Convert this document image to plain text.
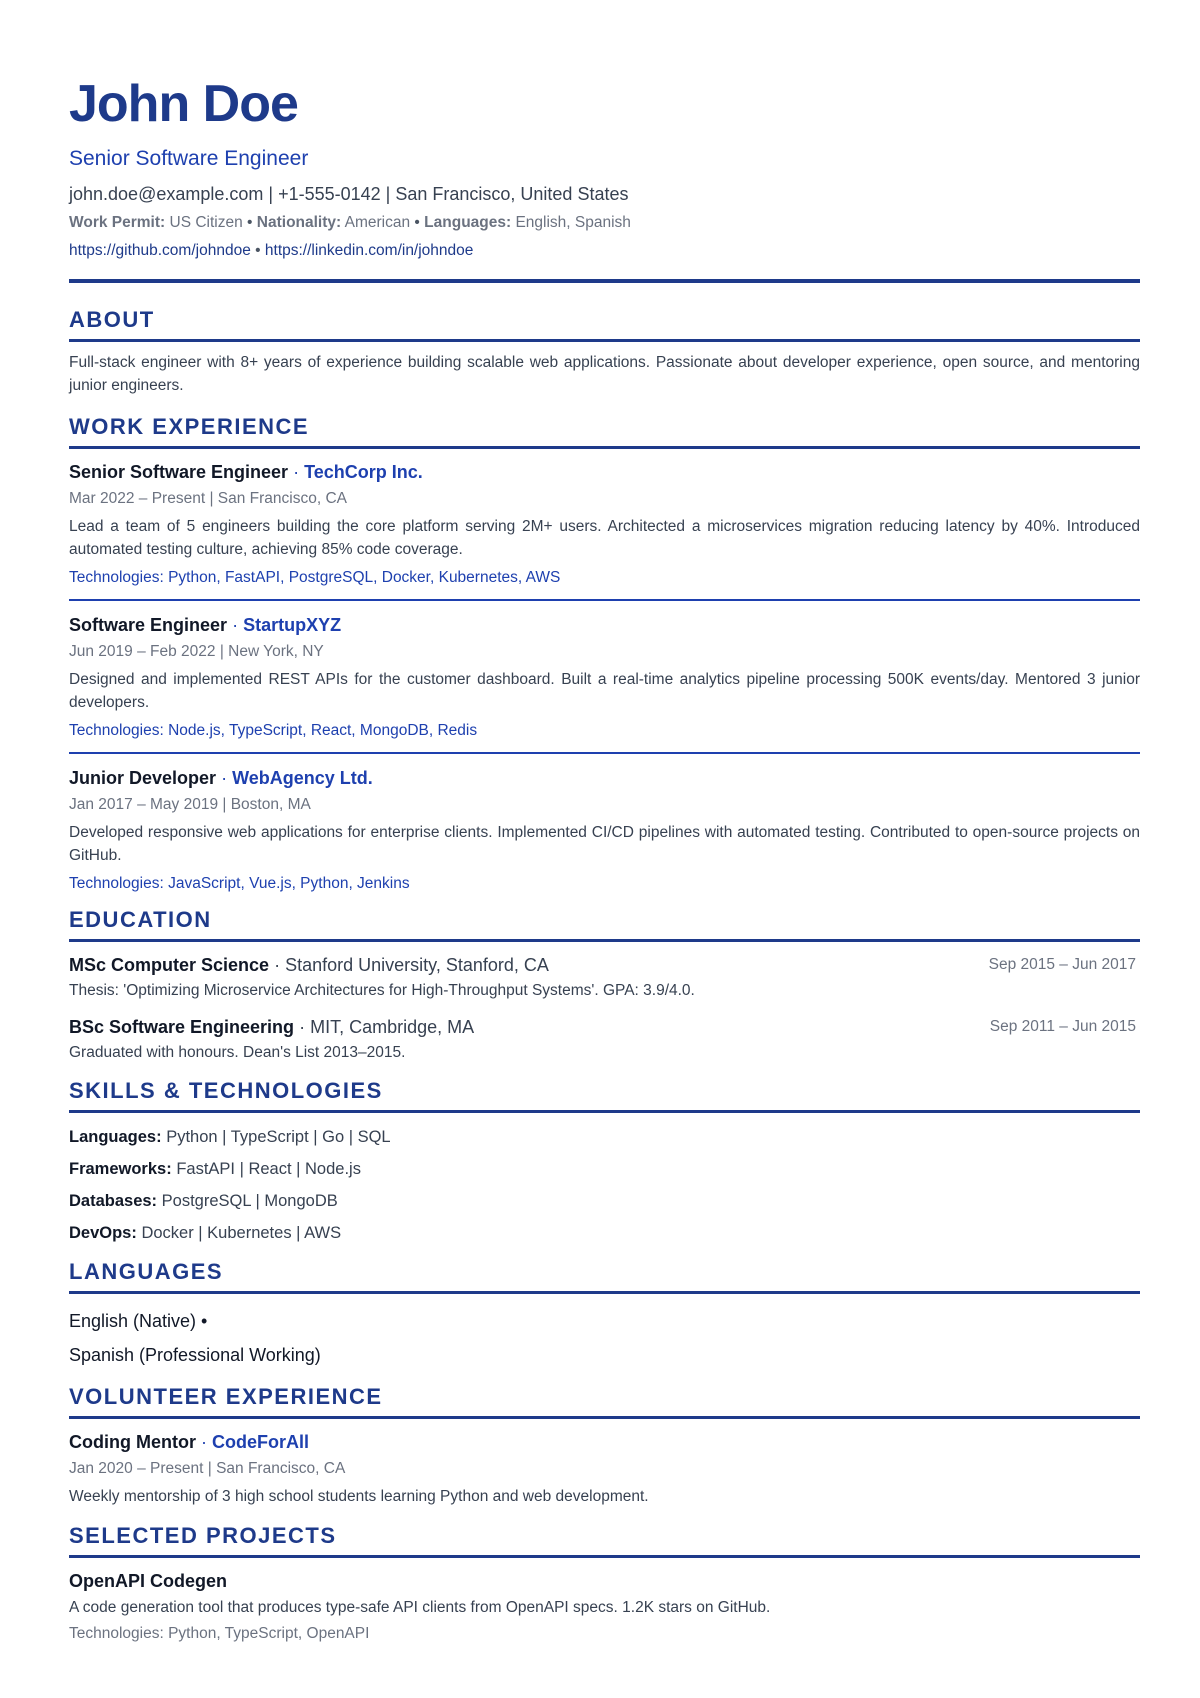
John Doe
Senior Software Engineer
john.doe@example.com | +1-555-0142 | San Francisco, United States
Work Permit: US Citizen • Nationality: American • Languages: English, Spanish
https://github.com/johndoe • https://linkedin.com/in/johndoe
ABOUT
Full-stack engineer with 8+ years of experience building scalable web applications. Passionate about developer experience, open source, and mentoring junior engineers.
WORK EXPERIENCE
Senior Software Engineer · TechCorp Inc.
Mar 2022 – Present | San Francisco, CA
Lead a team of 5 engineers building the core platform serving 2M+ users. Architected a microservices migration reducing latency by 40%. Introduced automated testing culture, achieving 85% code coverage.
Technologies: Python, FastAPI, PostgreSQL, Docker, Kubernetes, AWS
Software Engineer · StartupXYZ
Jun 2019 – Feb 2022 | New York, NY
Designed and implemented REST APIs for the customer dashboard. Built a real-time analytics pipeline processing 500K events/day. Mentored 3 junior developers.
Technologies: Node.js, TypeScript, React, MongoDB, Redis
Junior Developer · WebAgency Ltd.
Jan 2017 – May 2019 | Boston, MA
Developed responsive web applications for enterprise clients. Implemented CI/CD pipelines with automated testing. Contributed to open-source projects on GitHub.
Technologies: JavaScript, Vue.js, Python, Jenkins
EDUCATION
MSc Computer Science · Stanford University, Stanford, CA	Sep 2015 – Jun 2017
Thesis: 'Optimizing Microservice Architectures for High-Throughput Systems'. GPA: 3.9/4.0.
BSc Software Engineering · MIT, Cambridge, MA	Sep 2011 – Jun 2015
Graduated with honours. Dean's List 2013–2015.
SKILLS & TECHNOLOGIES
Languages: Python | TypeScript | Go | SQL
Frameworks: FastAPI | React | Node.js
Databases: PostgreSQL | MongoDB
DevOps: Docker | Kubernetes | AWS
LANGUAGES
English (Native) •
Spanish (Professional Working)
VOLUNTEER EXPERIENCE
Coding Mentor · CodeForAll
Jan 2020 – Present | San Francisco, CA
Weekly mentorship of 3 high school students learning Python and web development.
SELECTED PROJECTS
OpenAPI Codegen
A code generation tool that produces type-safe API clients from OpenAPI specs. 1.2K stars on GitHub.
Technologies: Python, TypeScript, OpenAPI
